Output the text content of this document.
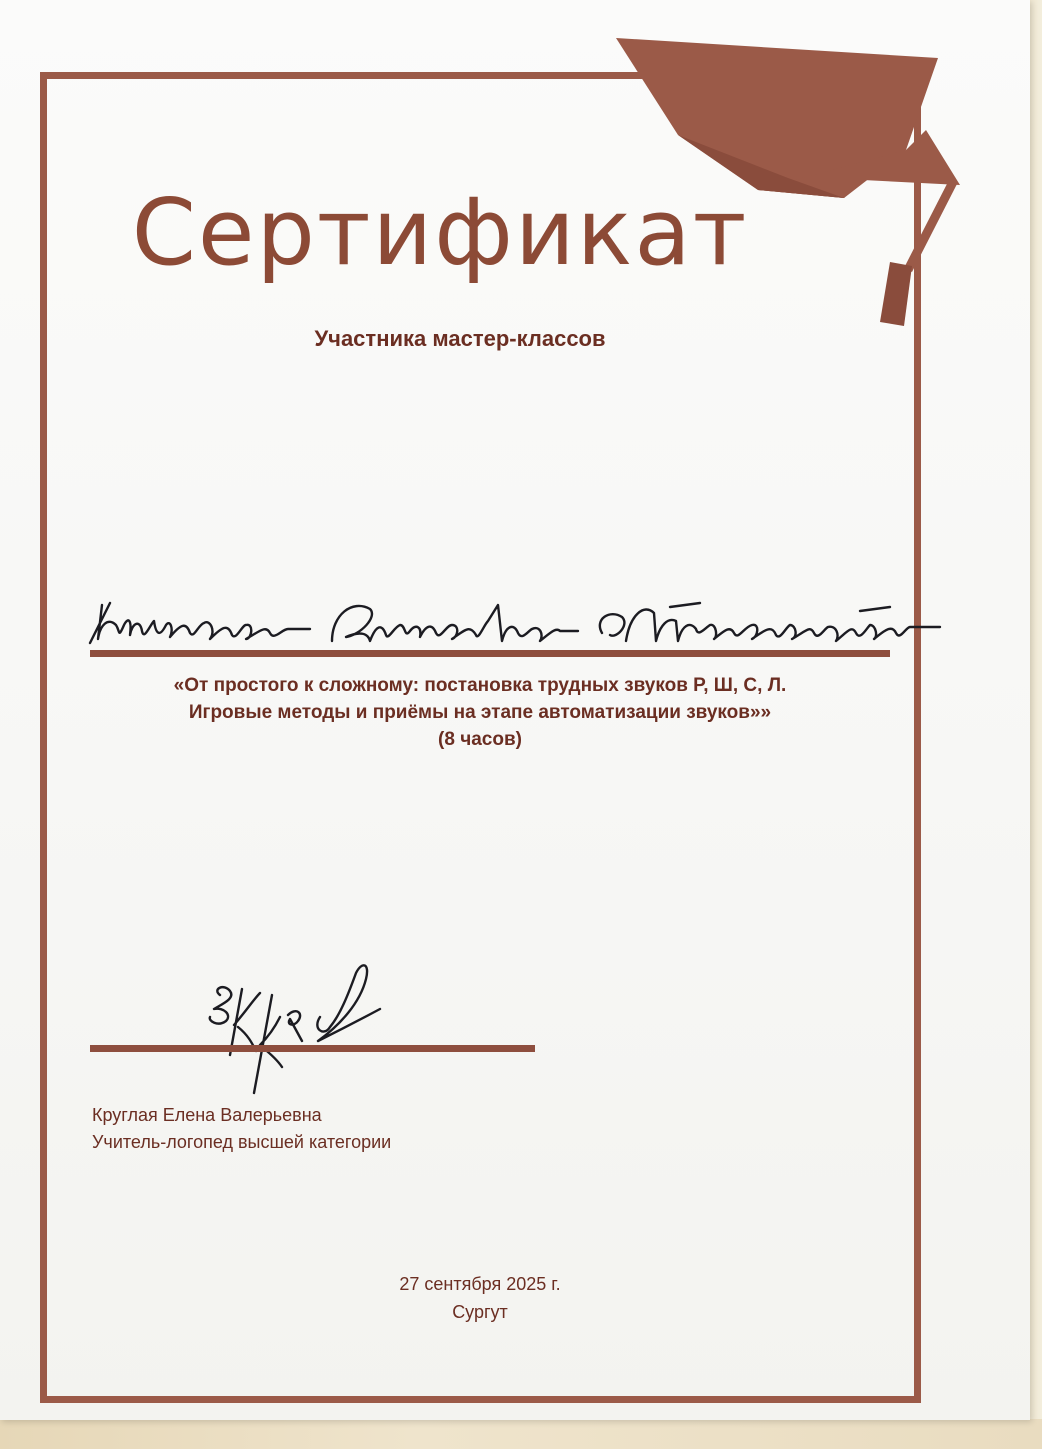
Сертификат
Участника мастер-классов
«От простого к сложному: постановка трудных звуков Р, Ш, С, Л.
Игровые методы и приёмы на этапе автоматизации звуков»»
(8 часов)
Круглая Елена Валерьевна
Учитель-логопед высшей категории
27 сентября 2025 г.
Сургут
